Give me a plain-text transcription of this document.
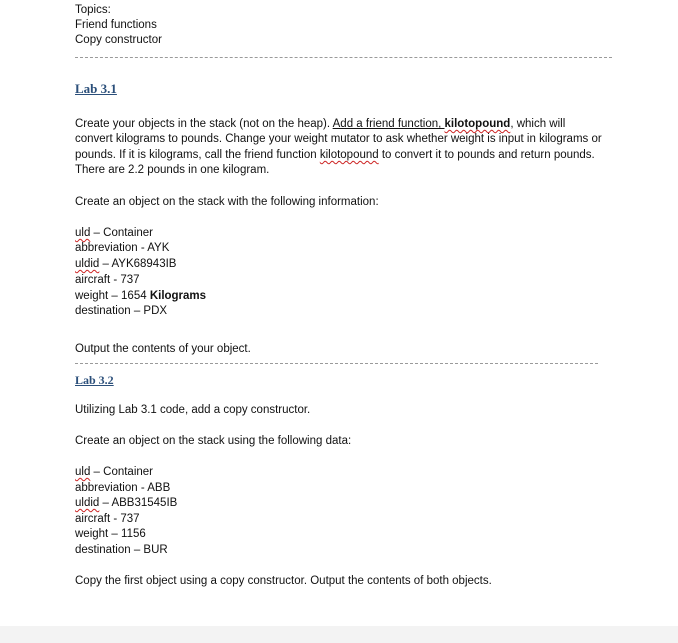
Topics:
Friend functions
Copy constructor
Lab 3.1
Create your objects in the stack (not on the heap). Add a friend function, kilotopound, which will
convert kilograms to pounds. Change your weight mutator to ask whether weight is input in kilograms or
pounds. If it is kilograms, call the friend function kilotopound to convert it to pounds and return pounds.
There are 2.2 pounds in one kilogram.
Create an object on the stack with the following information:
uld – Container
abbreviation - AYK
uldid – AYK68943IB
aircraft - 737
weight – 1654 Kilograms
destination – PDX
Output the contents of your object.
Lab 3.2
Utilizing Lab 3.1 code, add a copy constructor.
Create an object on the stack using the following data:
uld – Container
abbreviation - ABB
uldid – ABB31545IB
aircraft - 737
weight – 1156
destination – BUR
Copy the first object using a copy constructor. Output the contents of both objects.
